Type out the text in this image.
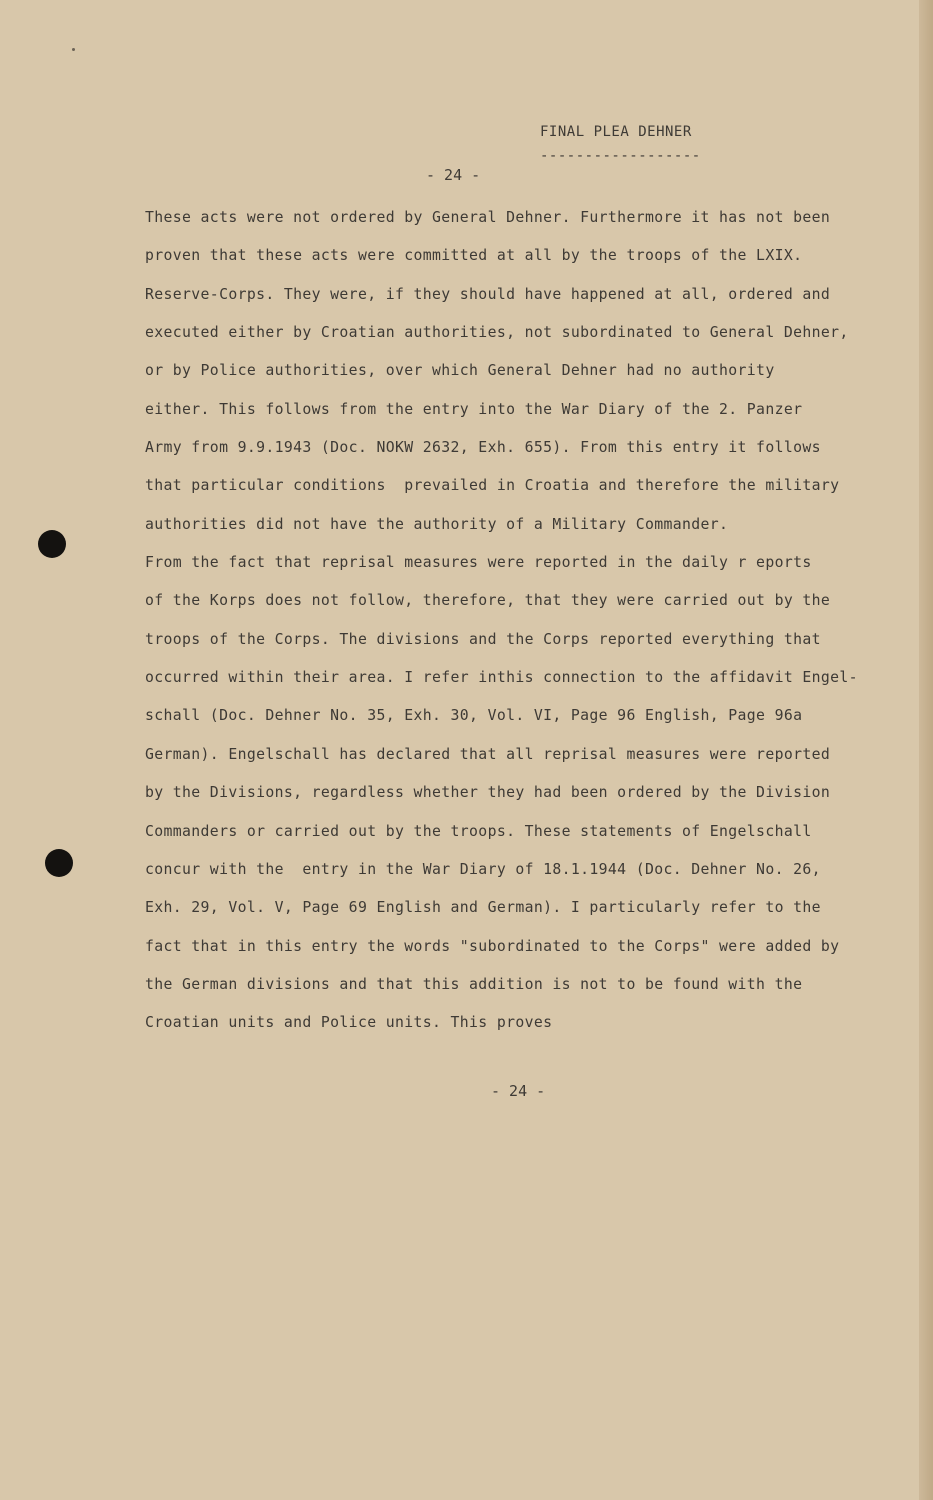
FINAL PLEA DEHNER
------------------
- 24 -
These acts were not ordered by General Dehner. Furthermore it has not been
proven that these acts were committed at all by the troops of the LXIX.
Reserve-Corps. They were, if they should have happened at all, ordered and
executed either by Croatian authorities, not subordinated to General Dehner,
or by Police authorities, over which General Dehner had no authority
either. This follows from the entry into the War Diary of the 2. Panzer
Army from 9.9.1943 (Doc. NOKW 2632, Exh. 655). From this entry it follows
that particular conditions  prevailed in Croatia and therefore the military
authorities did not have the authority of a Military Commander.
From the fact that reprisal measures were reported in the daily r eports
of the Korps does not follow, therefore, that they were carried out by the
troops of the Corps. The divisions and the Corps reported everything that
occurred within their area. I refer inthis connection to the affidavit Engel-
schall (Doc. Dehner No. 35, Exh. 30, Vol. VI, Page 96 English, Page 96a
German). Engelschall has declared that all reprisal measures were reported
by the Divisions, regardless whether they had been ordered by the Division
Commanders or carried out by the troops. These statements of Engelschall
concur with the  entry in the War Diary of 18.1.1944 (Doc. Dehner No. 26,
Exh. 29, Vol. V, Page 69 English and German). I particularly refer to the
fact that in this entry the words "subordinated to the Corps" were added by
the German divisions and that this addition is not to be found with the
Croatian units and Police units. This proves
- 24 -
